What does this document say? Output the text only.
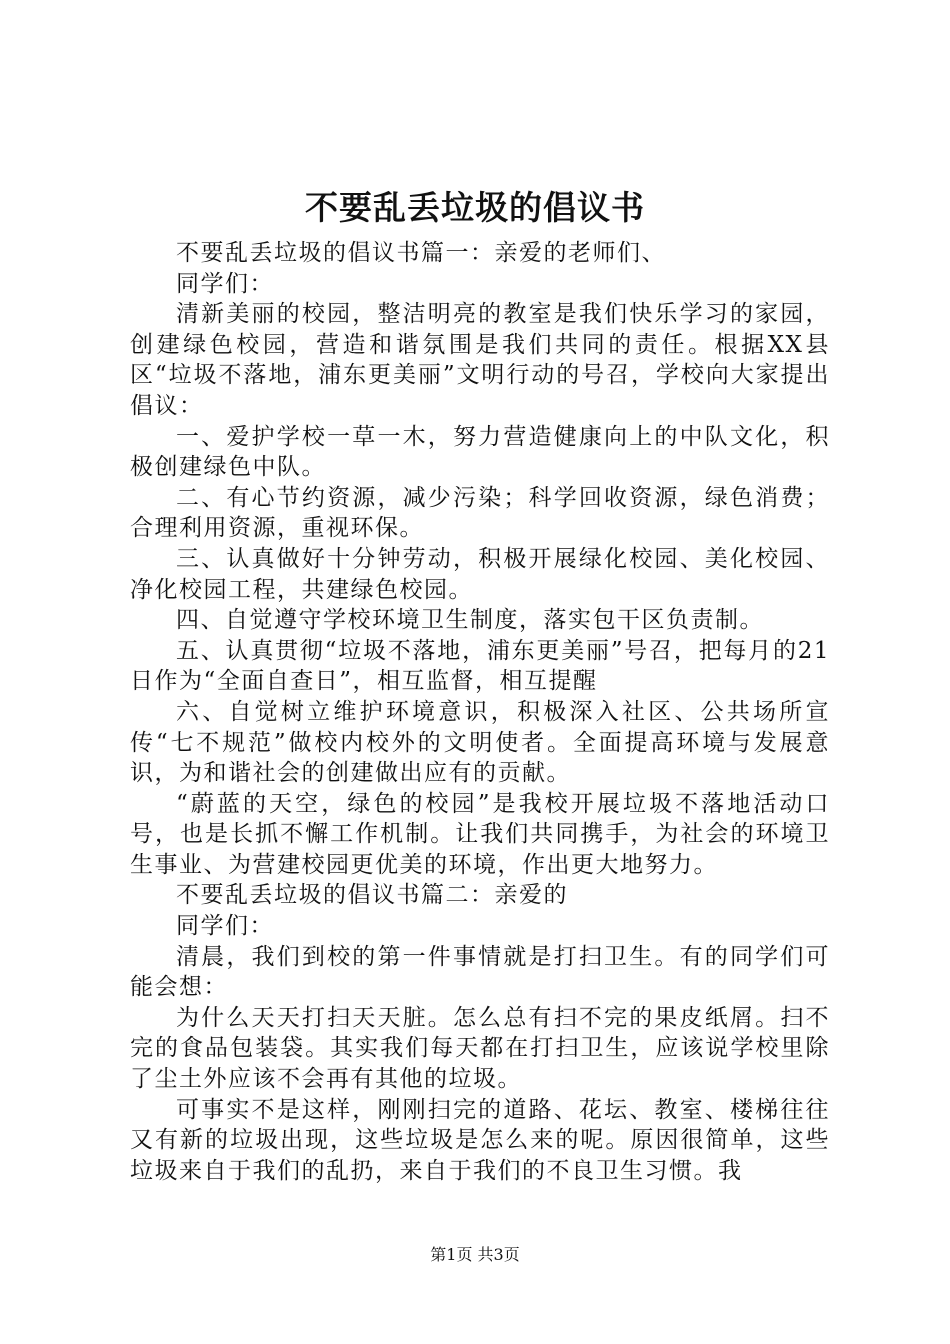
不要乱丢垃圾的倡议书

不要乱丢垃圾的倡议书篇一：亲爱的老师们、

同学们：

清新美丽的校园，整洁明亮的教室是我们快乐学习的家园，创建绿色校园，营造和谐氛围是我们共同的责任。根据XX县区“垃圾不落地，浦东更美丽”文明行动的号召，学校向大家提出倡议：

一、爱护学校一草一木，努力营造健康向上的中队文化，积极创建绿色中队。

二、有心节约资源，减少污染；科学回收资源，绿色消费；合理利用资源，重视环保。

三、认真做好十分钟劳动，积极开展绿化校园、美化校园、净化校园工程，共建绿色校园。

四、自觉遵守学校环境卫生制度，落实包干区负责制。

五、认真贯彻“垃圾不落地，浦东更美丽”号召，把每月的21日作为“全面自查日”，相互监督，相互提醒

六、自觉树立维护环境意识，积极深入社区、公共场所宣传“七不规范”做校内校外的文明使者。全面提高环境与发展意识，为和谐社会的创建做出应有的贡献。

“蔚蓝的天空，绿色的校园”是我校开展垃圾不落地活动口号，也是长抓不懈工作机制。让我们共同携手，为社会的环境卫生事业、为营建校园更优美的环境，作出更大地努力。

不要乱丢垃圾的倡议书篇二：亲爱的

同学们：

清晨，我们到校的第一件事情就是打扫卫生。有的同学们可能会想：

为什么天天打扫天天脏。怎么总有扫不完的果皮纸屑。扫不完的食品包装袋。其实我们每天都在打扫卫生，应该说学校里除了尘土外应该不会再有其他的垃圾。

可事实不是这样，刚刚扫完的道路、花坛、教室、楼梯往往又有新的垃圾出现，这些垃圾是怎么来的呢。原因很简单，这些垃圾来自于我们的乱扔，来自于我们的不良卫生习惯。我

第1页 共3页
